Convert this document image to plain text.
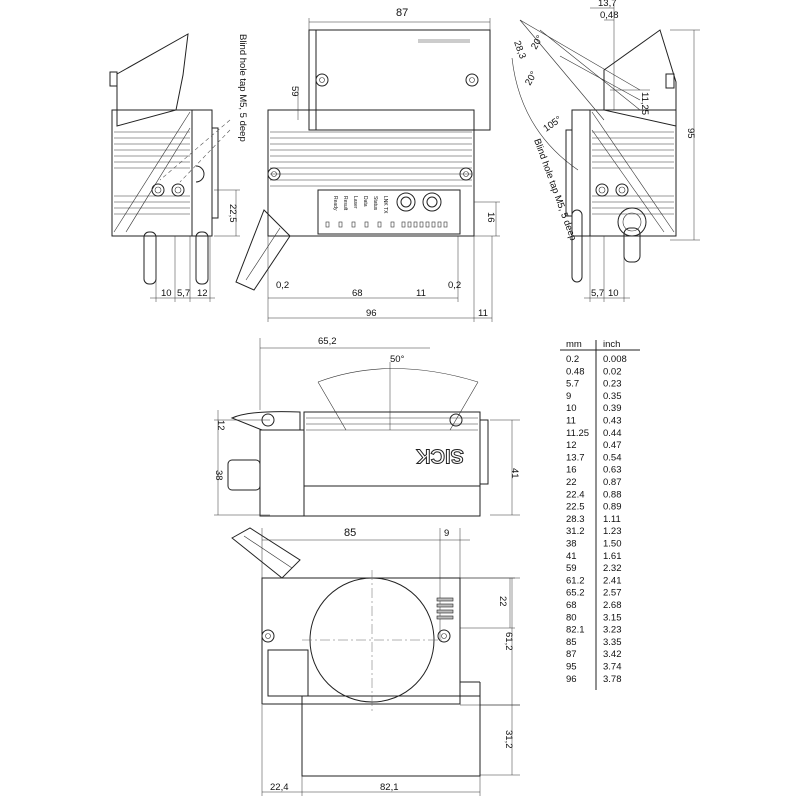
Blind hole tap M5, 5 deep
10 5,7 12
22,5
87
59
Ready Result Laser Data Status LNK TX
0,2
68	11
0,2
96	11
16
13,7
0,48
28,3 20°
20°
11,25
105°	95
Blind hole tap M5, 5 deep
5,7 10
SICK
65,2
50°
12
38	41
85	9
22
61,2
31,2
22,4	82,1
mm inch
0.2	0.008
0.48 0.02
5.7	0.23
9	0.35
10	0.39
11	0.43
11.25 0.44
12	0.47
13.7 0.54
16	0.63
22	0.87
22.4 0.88
22.5 0.89
28.3 1.11
31.2 1.23
38	1.50
41	1.61
59	2.32
61.2 2.41
65.2 2.57
68	2.68
80	3.15
82.1 3.23
85	3.35
87	3.42
95	3.74
96	3.78
